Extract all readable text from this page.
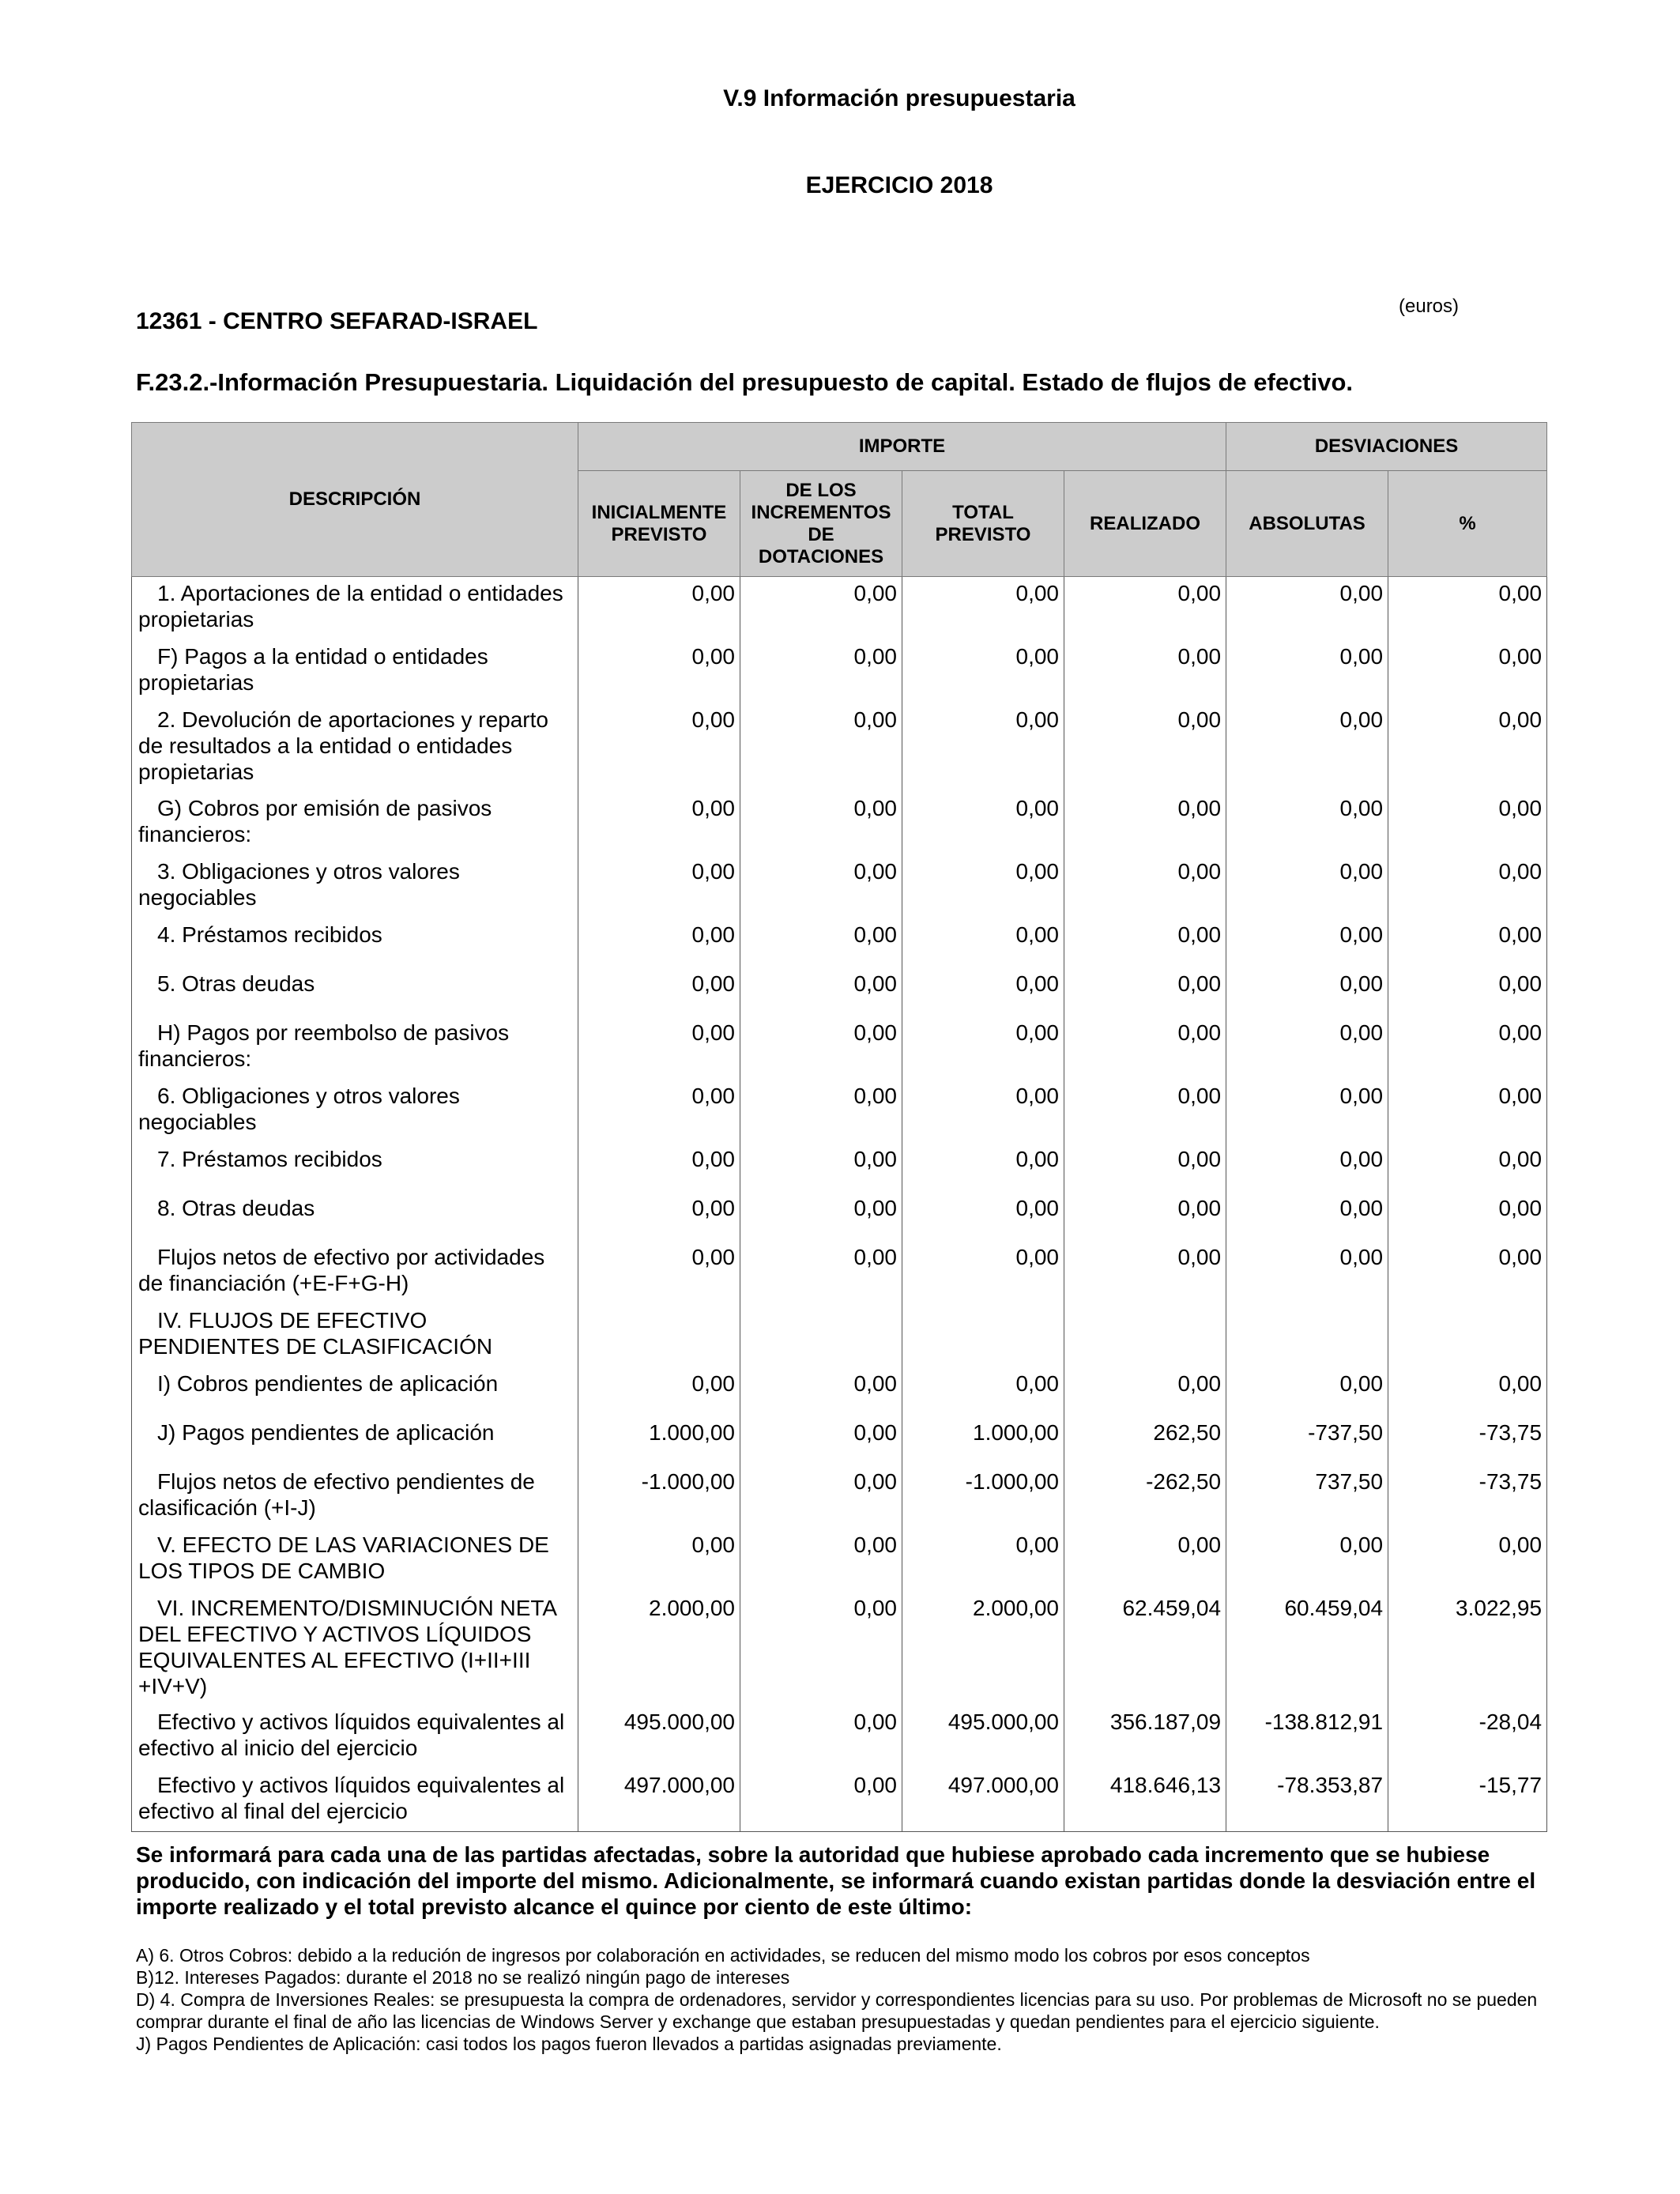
V.9 Información presupuestaria
EJERCICIO 2018
(euros)
12361 - CENTRO SEFARAD-ISRAEL
F.23.2.-Información Presupuestaria. Liquidación del presupuesto de capital. Estado de flujos de efectivo.
DESCRIPCIÓN	IMPORTE				DESVIACIONES	
	INICIALMENTE PREVISTO	DE LOS INCREMENTOS DE DOTACIONES	TOTAL PREVISTO	REALIZADO	ABSOLUTAS	%
1. Aportaciones de la entidad o entidades propietarias	0,00	0,00	0,00	0,00	0,00	0,00
F) Pagos a la entidad o entidades propietarias	0,00	0,00	0,00	0,00	0,00	0,00
2. Devolución de aportaciones y reparto de resultados a la entidad o entidades propietarias	0,00	0,00	0,00	0,00	0,00	0,00
G) Cobros por emisión de pasivos financieros:	0,00	0,00	0,00	0,00	0,00	0,00
3. Obligaciones y otros valores negociables	0,00	0,00	0,00	0,00	0,00	0,00
4. Préstamos recibidos	0,00	0,00	0,00	0,00	0,00	0,00
5. Otras deudas	0,00	0,00	0,00	0,00	0,00	0,00
H) Pagos por reembolso de pasivos financieros:	0,00	0,00	0,00	0,00	0,00	0,00
6. Obligaciones y otros valores negociables	0,00	0,00	0,00	0,00	0,00	0,00
7. Préstamos recibidos	0,00	0,00	0,00	0,00	0,00	0,00
8. Otras deudas	0,00	0,00	0,00	0,00	0,00	0,00
Flujos netos de efectivo por actividades de financiación (+E-F+G-H)	0,00	0,00	0,00	0,00	0,00	0,00
IV. FLUJOS DE EFECTIVO PENDIENTES DE CLASIFICACIÓN						
I) Cobros pendientes de aplicación	0,00	0,00	0,00	0,00	0,00	0,00
J) Pagos pendientes de aplicación	1.000,00	0,00	1.000,00	262,50	-737,50	-73,75
Flujos netos de efectivo pendientes de clasificación (+I-J)	-1.000,00	0,00	-1.000,00	-262,50	737,50	-73,75
V. EFECTO DE LAS VARIACIONES DE LOS TIPOS DE CAMBIO	0,00	0,00	0,00	0,00	0,00	0,00
VI. INCREMENTO/DISMINUCIÓN NETA DEL EFECTIVO Y ACTIVOS LÍQUIDOS EQUIVALENTES AL EFECTIVO (I+II+III +IV+V)	2.000,00	0,00	2.000,00	62.459,04	60.459,04	3.022,95
Efectivo y activos líquidos equivalentes al efectivo al inicio del ejercicio	495.000,00	0,00	495.000,00	356.187,09	-138.812,91	-28,04
Efectivo y activos líquidos equivalentes al efectivo al final del ejercicio	497.000,00	0,00	497.000,00	418.646,13	-78.353,87	-15,77
Se informará para cada una de las partidas afectadas, sobre la autoridad que hubiese aprobado cada incremento que se hubiese producido, con indicación del importe del mismo. Adicionalmente, se informará cuando existan partidas donde la desviación entre el importe realizado y el total previsto alcance el quince por ciento de este último:
A) 6. Otros Cobros: debido a la redución de ingresos por colaboración en actividades, se reducen del mismo modo los cobros por esos conceptos
B)12. Intereses Pagados: durante el 2018 no se realizó ningún pago de intereses
D) 4. Compra de Inversiones Reales: se presupuesta la compra de ordenadores, servidor y correspondientes licencias para su uso. Por problemas de Microsoft no se pueden comprar durante el final de año las licencias de Windows Server y exchange que estaban presupuestadas y quedan pendientes para el ejercicio siguiente.
J) Pagos Pendientes de Aplicación: casi todos los pagos fueron llevados a partidas asignadas previamente.
